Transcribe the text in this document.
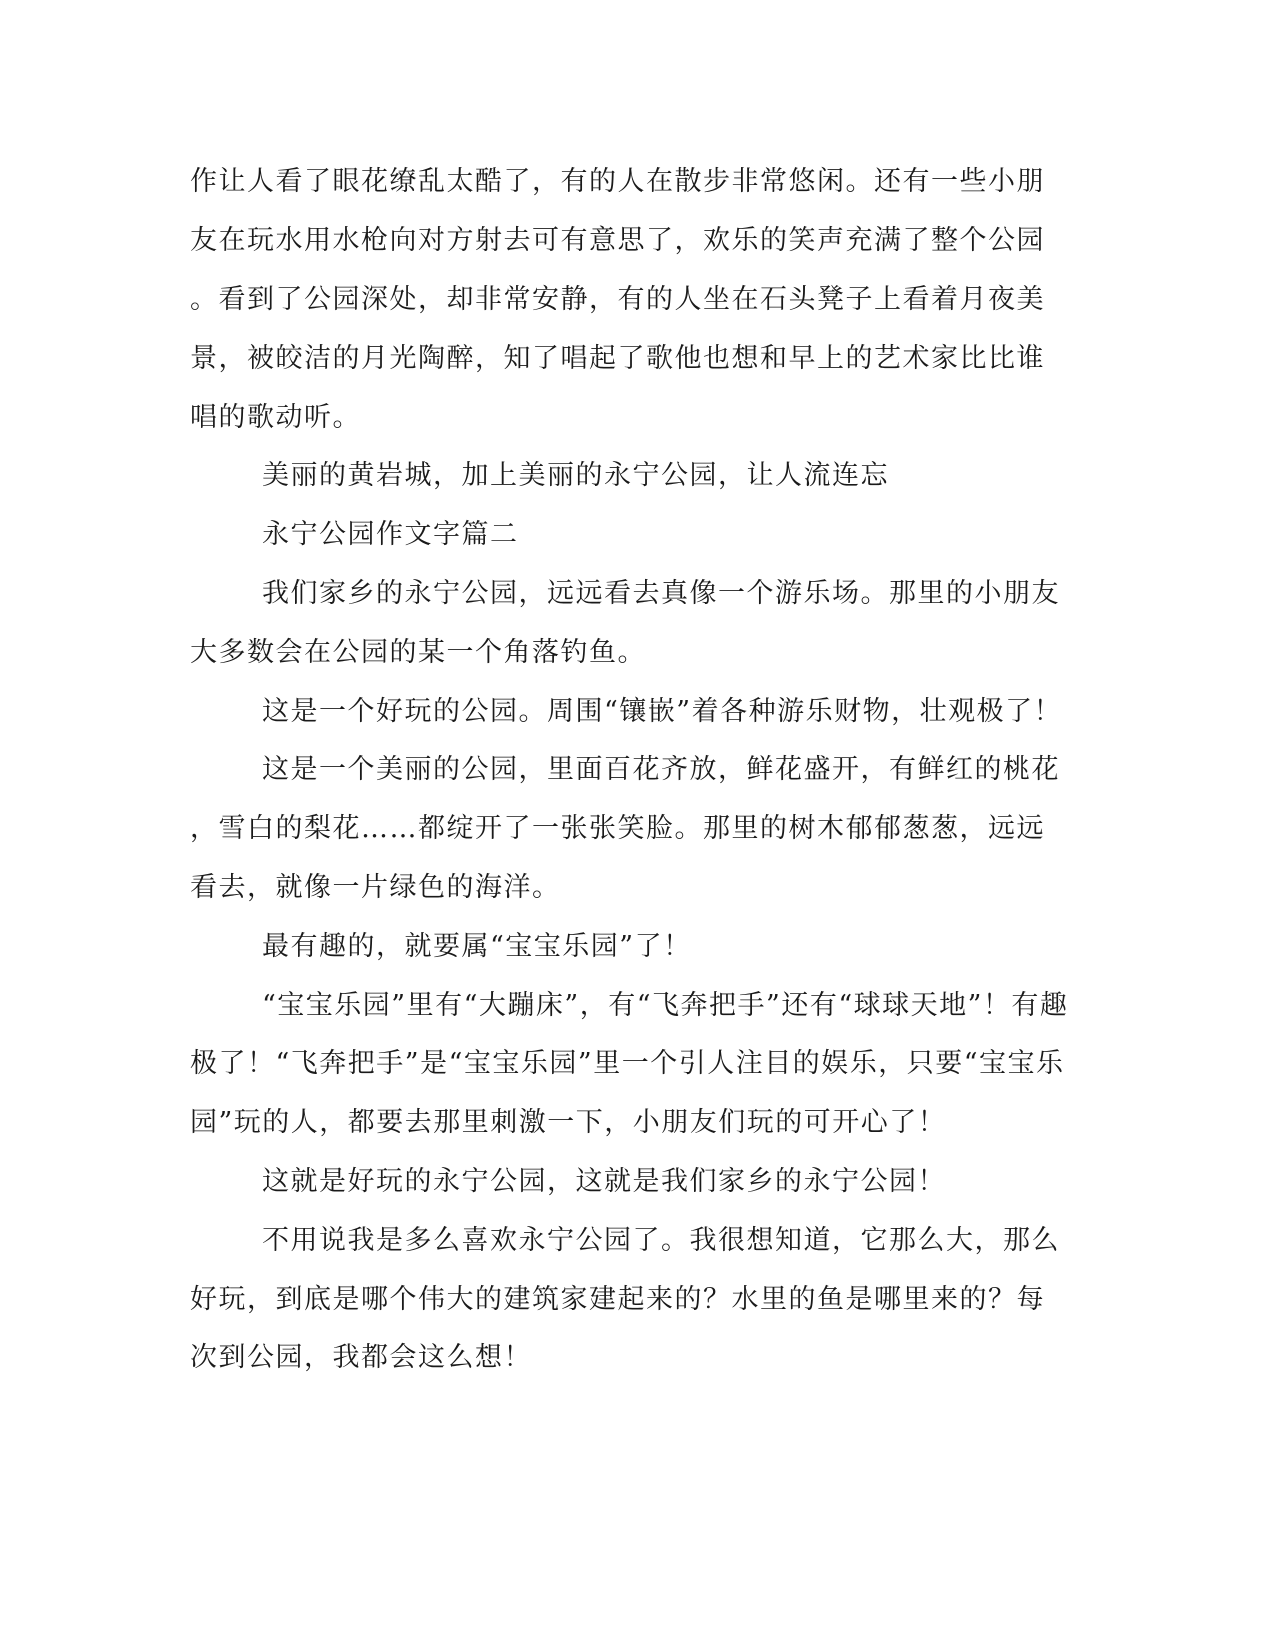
作让人看了眼花缭乱太酷了，有的人在散步非常悠闲。还有一些小朋
友在玩水用水枪向对方射去可有意思了，欢乐的笑声充满了整个公园
。看到了公园深处，却非常安静，有的人坐在石头凳子上看着月夜美
景，被皎洁的月光陶醉，知了唱起了歌他也想和早上的艺术家比比谁
唱的歌动听。
美丽的黄岩城，加上美丽的永宁公园，让人流连忘
永宁公园作文字篇二
我们家乡的永宁公园，远远看去真像一个游乐场。那里的小朋友
大多数会在公园的某一个角落钓鱼。
这是一个好玩的公园。周围“镶嵌”着各种游乐财物，壮观极了！
这是一个美丽的公园，里面百花齐放，鲜花盛开，有鲜红的桃花
，雪白的梨花……都绽开了一张张笑脸。那里的树木郁郁葱葱，远远
看去，就像一片绿色的海洋。
最有趣的，就要属“宝宝乐园”了！
“宝宝乐园”里有“大蹦床”，有“飞奔把手”还有“球球天地”！有趣
极了！“飞奔把手”是“宝宝乐园”里一个引人注目的娱乐，只要“宝宝乐
园”玩的人，都要去那里刺激一下，小朋友们玩的可开心了！
这就是好玩的永宁公园，这就是我们家乡的永宁公园！
不用说我是多么喜欢永宁公园了。我很想知道，它那么大，那么
好玩，到底是哪个伟大的建筑家建起来的？水里的鱼是哪里来的？每
次到公园，我都会这么想！
